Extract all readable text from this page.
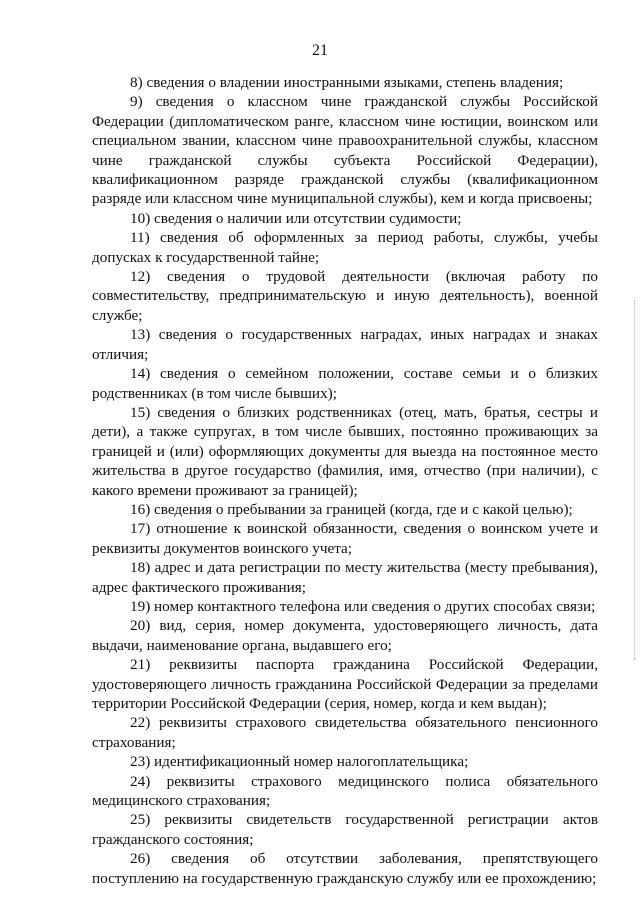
21

8) сведения о владении иностранными языками, степень владения;

9) сведения о классном чине гражданской службы Российской Федерации (дипломатическом ранге, классном чине юстиции, воинском или специальном звании, классном чине правоохранительной службы, классном чине гражданской службы субъекта Российской Федерации), квалификационном разряде гражданской службы (квалификационном разряде или классном чине муниципальной службы), кем и когда присвоены;

10) сведения о наличии или отсутствии судимости;

11) сведения об оформленных за период работы, службы, учебы допусках к государственной тайне;

12) сведения о трудовой деятельности (включая работу по совместительству, предпринимательскую и иную деятельность), военной службе;

13) сведения о государственных наградах, иных наградах и знаках отличия;

14) сведения о семейном положении, составе семьи и о близких родственниках (в том числе бывших);

15) сведения о близких родственниках (отец, мать, братья, сестры и дети), а также супругах, в том числе бывших, постоянно проживающих за границей и (или) оформляющих документы для выезда на постоянное место жительства в другое государство (фамилия, имя, отчество (при наличии), с какого времени проживают за границей);

16) сведения о пребывании за границей (когда, где и с какой целью);

17) отношение к воинской обязанности, сведения о воинском учете и реквизиты документов воинского учета;

18) адрес и дата регистрации по месту жительства (месту пребывания), адрес фактического проживания;

19) номер контактного телефона или сведения о других способах связи;

20) вид, серия, номер документа, удостоверяющего личность, дата выдачи, наименование органа, выдавшего его;

21) реквизиты паспорта гражданина Российской Федерации, удостоверяющего личность гражданина Российской Федерации за пределами территории Российской Федерации (серия, номер, когда и кем выдан);

22) реквизиты страхового свидетельства обязательного пенсионного страхования;

23) идентификационный номер налогоплательщика;

24) реквизиты страхового медицинского полиса обязательного медицинского страхования;

25) реквизиты свидетельств государственной регистрации актов гражданского состояния;

26) сведения об отсутствии заболевания, препятствующего поступлению на государственную гражданскую службу или ее прохождению;
